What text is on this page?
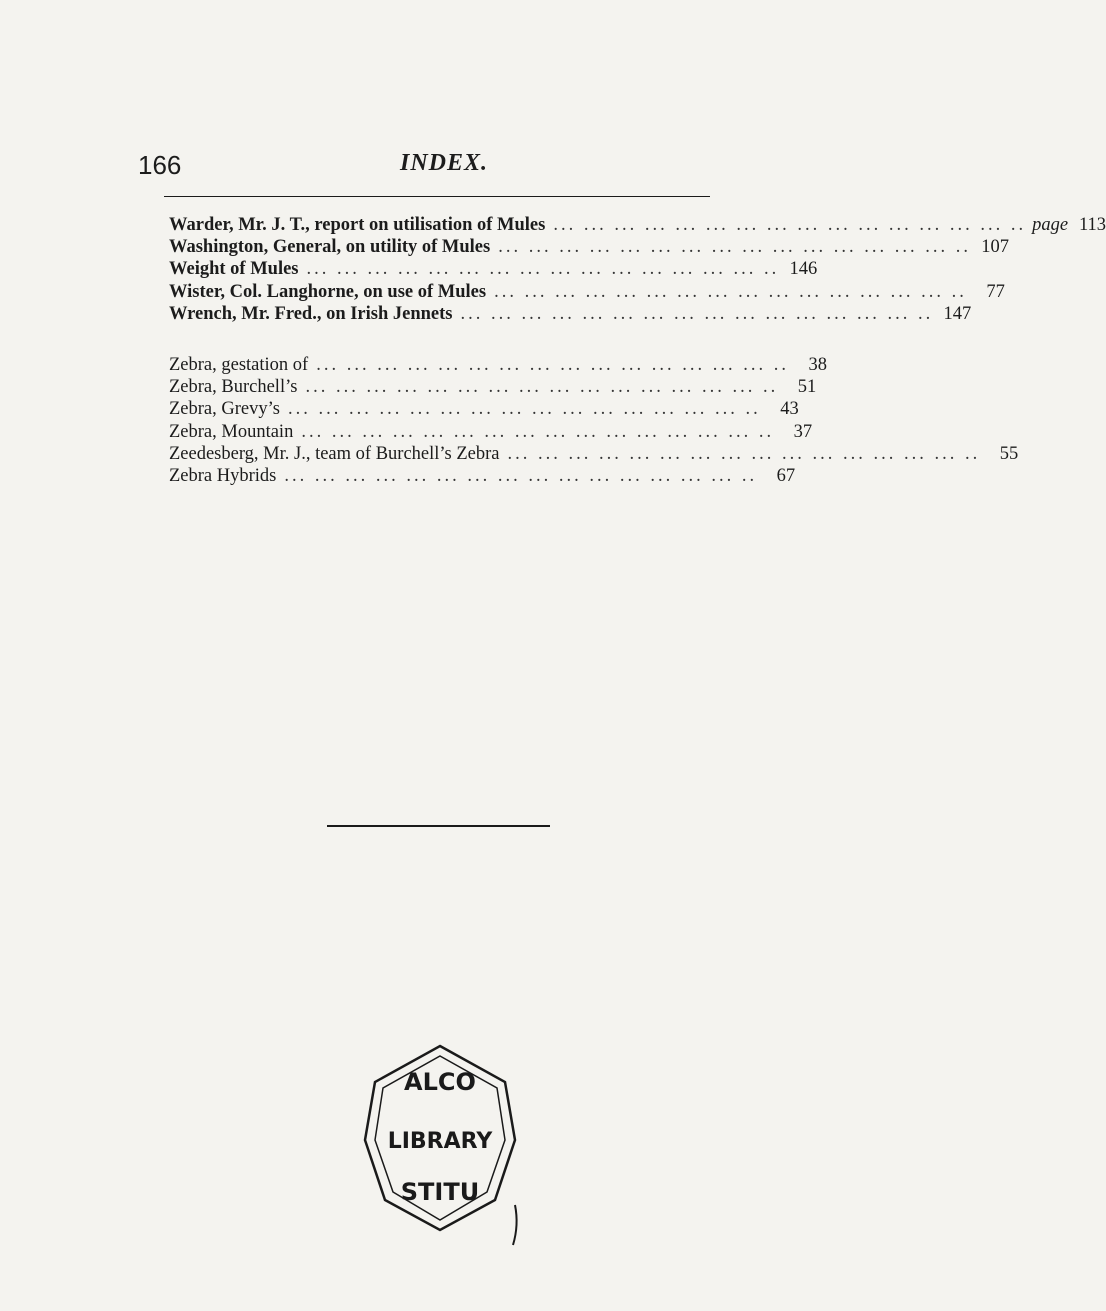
166	INDEX.
Warder, Mr. J. T., report on utilisation of Mules .. ... ... ... ... ... ... ... ... ... ... ... ... ... ... ... page 113
Washington, General, on utility of Mules .. ... ... ... ... ... ... ... ... ... ... ... ... ... ... ... 107
Weight of Mules .. ... ... ... ... ... ... ... ... ... ... ... ... ... ... ... 146
Wister, Col. Langhorne, on use of Mules .. ... ... ... ... ... ... ... ... ... ... ... ... ... ... ...	77
Wrench, Mr. Fred., on Irish Jennets .. ... ... ... ... ... ... ... ... ... ... ... ... ... ... ... 147
Zebra, gestation of .. ... ... ... ... ... ... ... ... ... ... ... ... ... ... ...	38
Zebra, Burchell’s .. ... ... ... ... ... ... ... ... ... ... ... ... ... ... ...	51
Zebra, Grevy’s .. ... ... ... ... ... ... ... ... ... ... ... ... ... ... ...	43
Zebra, Mountain .. ... ... ... ... ... ... ... ... ... ... ... ... ... ... ...	37
Zeedesberg, Mr. J., team of Burchell’s Zebra .. ... ... ... ... ... ... ... ... ... ... ... ... ... ... ...	55
Zebra Hybrids .. ... ... ... ... ... ... ... ... ... ... ... ... ... ... ...	67
ALCO
LIBRARY
STITU
